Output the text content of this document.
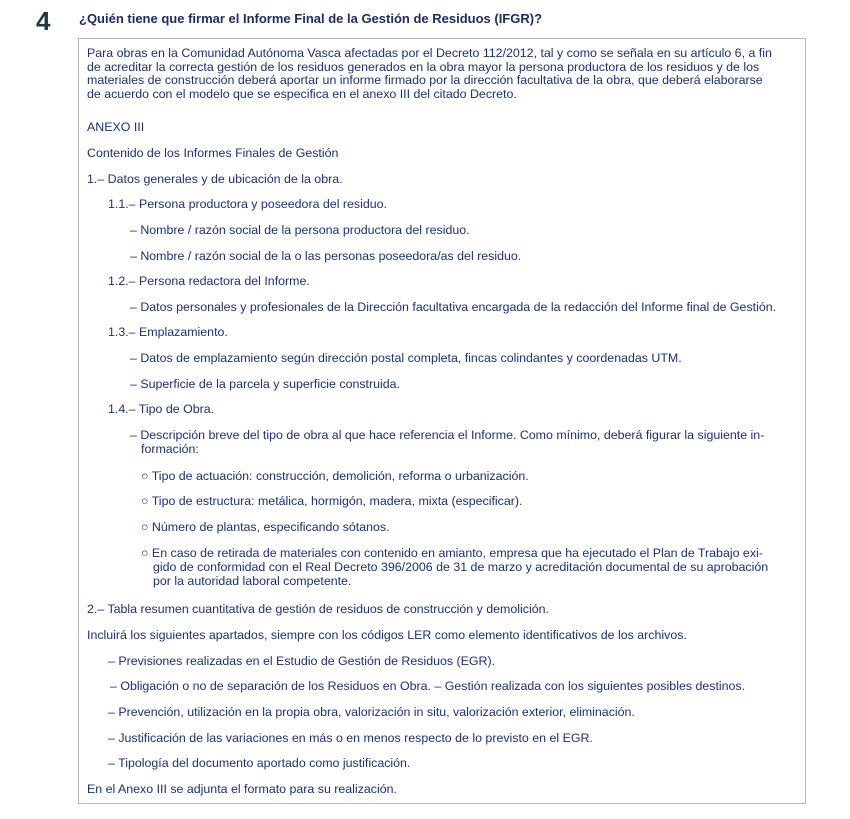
4 ¿Quién tiene que firmar el Informe Final de la Gestión de Residuos (IFGR)?

Para obras en la Comunidad Autónoma Vasca afectadas por el Decreto 112/2012, tal y como se señala en su artículo 6, a fin

de acreditar la correcta gestión de los residuos generados en la obra mayor la persona productora de los residuos y de los

materiales de construcción deberá aportar un informe firmado por la dirección facultativa de la obra, que deberá elaborarse

de acuerdo con el modelo que se especifica en el anexo III del citado Decreto.

ANEXO III

Contenido de los Informes Finales de Gestión

1.– Datos generales y de ubicación de la obra.

1.1.– Persona productora y poseedora del residuo.

– Nombre / razón social de la persona productora del residuo.

– Nombre / razón social de la o las personas poseedora/as del residuo.

1.2.– Persona redactora del Informe.

– Datos personales y profesionales de la Dirección facultativa encargada de la redacción del Informe final de Gestión.

1.3.– Emplazamiento.

– Datos de emplazamiento según dirección postal completa, fincas colindantes y coordenadas UTM.

– Superficie de la parcela y superficie construida.

1.4.– Tipo de Obra.

– Descripción breve del tipo de obra al que hace referencia el Informe. Como mínimo, deberá figurar la siguiente in-

formación:

○ Tipo de actuación: construcción, demolición, reforma o urbanización.

○ Tipo de estructura: metálica, hormigón, madera, mixta (especificar).

○ Número de plantas, especificando sótanos.

○ En caso de retirada de materiales con contenido en amianto, empresa que ha ejecutado el Plan de Trabajo exi-

gido de conformidad con el Real Decreto 396/2006 de 31 de marzo y acreditación documental de su aprobación

por la autoridad laboral competente.

2.– Tabla resumen cuantitativa de gestión de residuos de construcción y demolición.

Incluirá los siguientes apartados, siempre con los códigos LER como elemento identificativos de los archivos.

– Previsiones realizadas en el Estudio de Gestión de Residuos (EGR).

– Obligación o no de separación de los Residuos en Obra. – Gestión realizada con los siguientes posibles destinos.

– Prevención, utilización en la propia obra, valorización in situ, valorización exterior, eliminación.

– Justificación de las variaciones en más o en menos respecto de lo previsto en el EGR.

– Tipología del documento aportado como justificación.

En el Anexo III se adjunta el formato para su realización.
